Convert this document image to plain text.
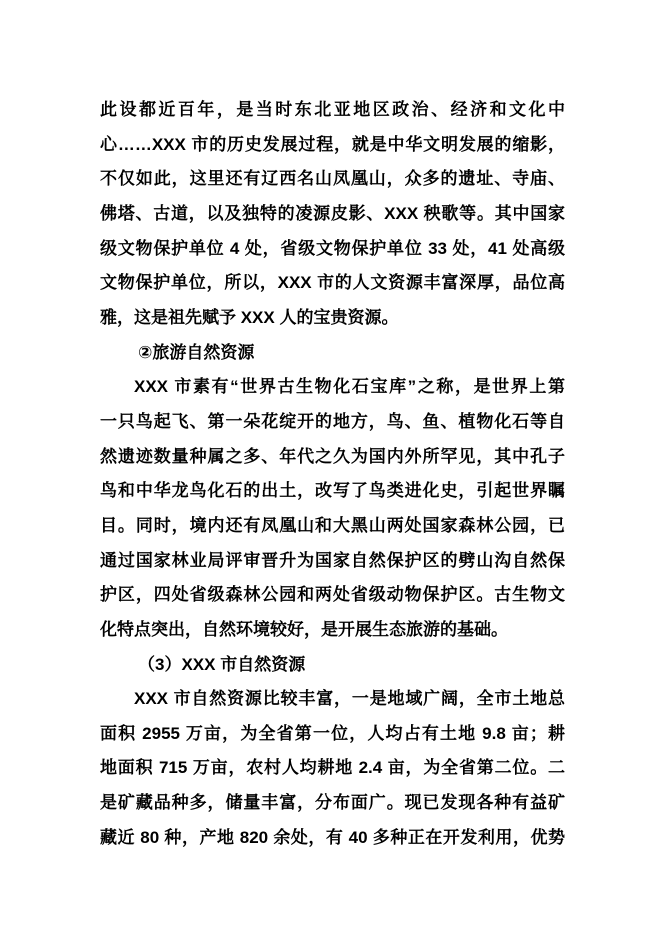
此设都近百年，是当时东北亚地区政治、经济和文化中
心……XXX 市的历史发展过程，就是中华文明发展的缩影，
不仅如此，这里还有辽西名山凤凰山，众多的遗址、寺庙、
佛塔、古道，以及独特的凌源皮影、XXX 秧歌等。其中国家
级文物保护单位 4 处，省级文物保护单位 33 处，41 处高级
文物保护单位，所以，XXX 市的人文资源丰富深厚，品位高
雅，这是祖先赋予 XXX 人的宝贵资源。
②旅游自然资源
XXX 市素有“世界古生物化石宝库”之称，是世界上第
一只鸟起飞、第一朵花绽开的地方，鸟、鱼、植物化石等自
然遗迹数量种属之多、年代之久为国内外所罕见，其中孔子
鸟和中华龙鸟化石的出土，改写了鸟类进化史，引起世界瞩
目。同时，境内还有凤凰山和大黑山两处国家森林公园，已
通过国家林业局评审晋升为国家自然保护区的劈山沟自然保
护区，四处省级森林公园和两处省级动物保护区。古生物文
化特点突出，自然环境较好，是开展生态旅游的基础。
（3）XXX 市自然资源
XXX 市自然资源比较丰富，一是地域广阔，全市土地总
面积 2955 万亩，为全省第一位，人均占有土地 9.8 亩；耕
地面积 715 万亩，农村人均耕地 2.4 亩，为全省第二位。二
是矿藏品种多，储量丰富，分布面广。现已发现各种有益矿
藏近 80 种，产地 820 余处，有 40 多种正在开发利用，优势
